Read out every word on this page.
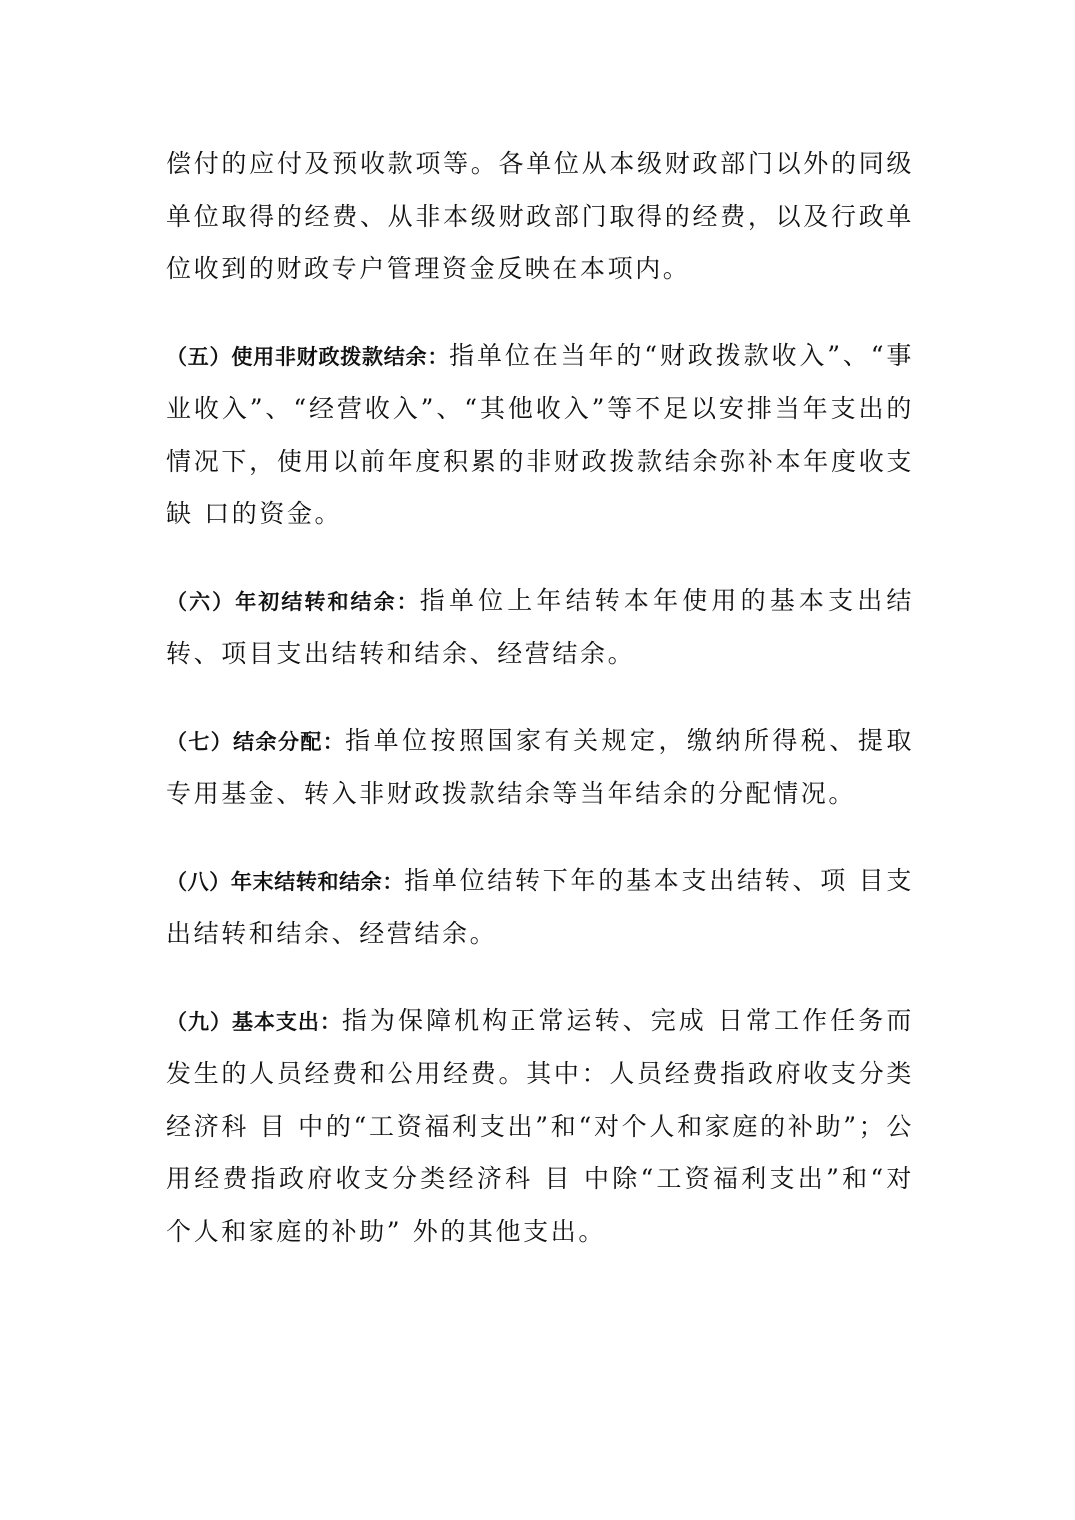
偿付的应付及预收款项等。各单位从本级财政部门以外的同级单位取得的经费、从非本级财政部门取得的经费，以及行政单位收到的财政专户管理资金反映在本项内。

（五）使用非财政拨款结余：指单位在当年的“财政拨款收入”、“事业收入”、“经营收入”、“其他收入”等不足以安排当年支出的情况下，使用以前年度积累的非财政拨款结余弥补本年度收支缺 口的资金。

（六）年初结转和结余：指单位上年结转本年使用的基本支出结转、项目支出结转和结余、经营结余。

（七）结余分配：指单位按照国家有关规定，缴纳所得税、提取专用基金、转入非财政拨款结余等当年结余的分配情况。

（八）年末结转和结余：指单位结转下年的基本支出结转、项 目支出结转和结余、经营结余。

（九）基本支出：指为保障机构正常运转、完成 日常工作任务而发生的人员经费和公用经费。其中：人员经费指政府收支分类经济科 目 中的“工资福利支出”和“对个人和家庭的补助”；公用经费指政府收支分类经济科 目 中除“工资福利支出”和“对个人和家庭的补助” 外的其他支出。
